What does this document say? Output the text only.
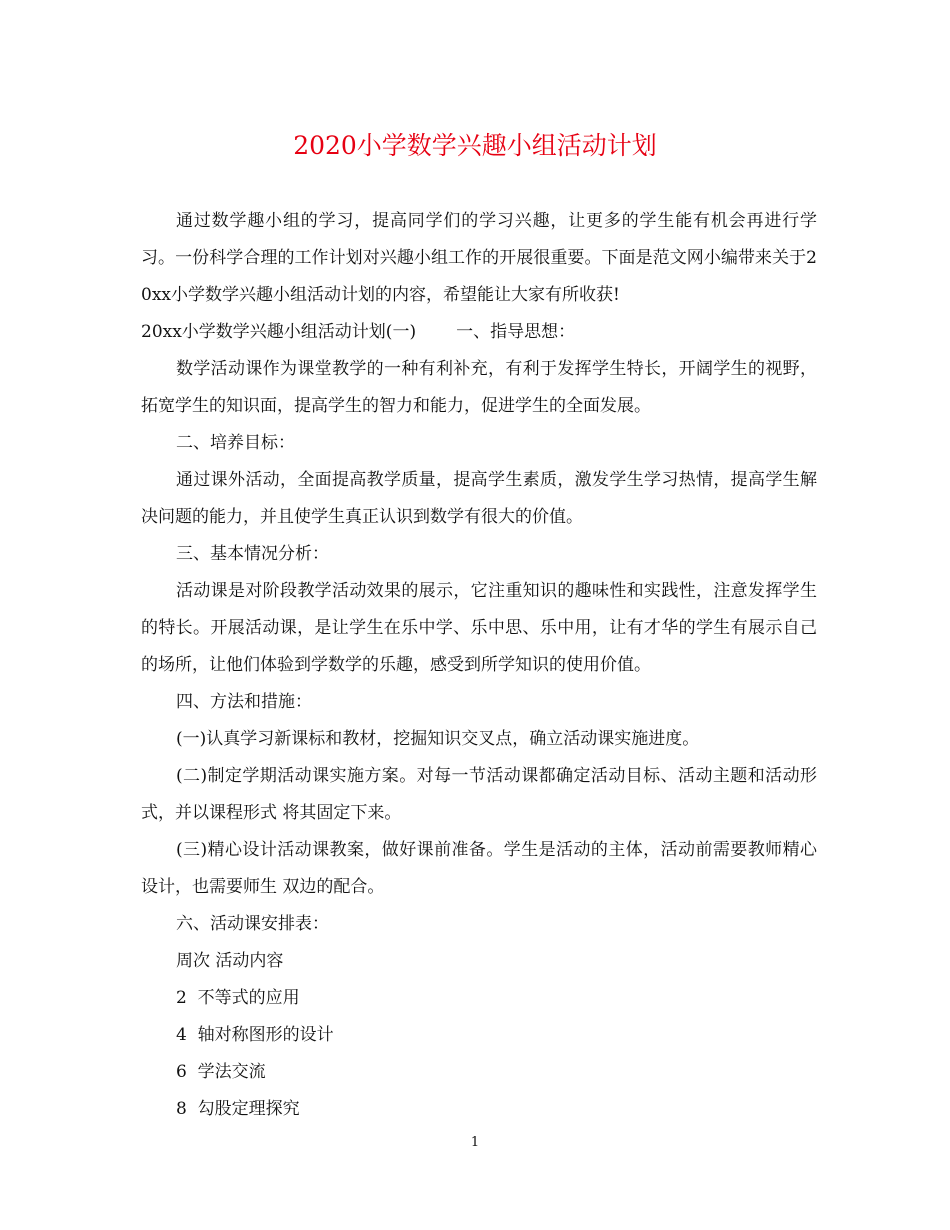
2020小学数学兴趣小组活动计划

通过数学趣小组的学习，提高同学们的学习兴趣，让更多的学生能有机会再进行学习。一份科学合理的工作计划对兴趣小组工作的开展很重要。下面是范文网小编带来关于20xx小学数学兴趣小组活动计划的内容，希望能让大家有所收获!

20xx小学数学兴趣小组活动计划(一) 一、指导思想：

数学活动课作为课堂教学的一种有利补充，有利于发挥学生特长，开阔学生的视野，拓宽学生的知识面，提高学生的智力和能力，促进学生的全面发展。

二、培养目标：

通过课外活动，全面提高教学质量，提高学生素质，激发学生学习热情，提高学生解决问题的能力，并且使学生真正认识到数学有很大的价值。

三、基本情况分析：

活动课是对阶段教学活动效果的展示，它注重知识的趣味性和实践性，注意发挥学生的特长。开展活动课，是让学生在乐中学、乐中思、乐中用，让有才华的学生有展示自己的场所，让他们体验到学数学的乐趣，感受到所学知识的使用价值。

四、方法和措施：

(一)认真学习新课标和教材，挖掘知识交叉点，确立活动课实施进度。

(二)制定学期活动课实施方案。对每一节活动课都确定活动目标、活动主题和活动形式，并以课程形式 将其固定下来。

(三)精心设计活动课教案，做好课前准备。学生是活动的主体，活动前需要教师精心设计，也需要师生 双边的配合。

六、活动课安排表：

周次 活动内容

2  不等式的应用

4  轴对称图形的设计

6  学法交流

8  勾股定理探究

1
